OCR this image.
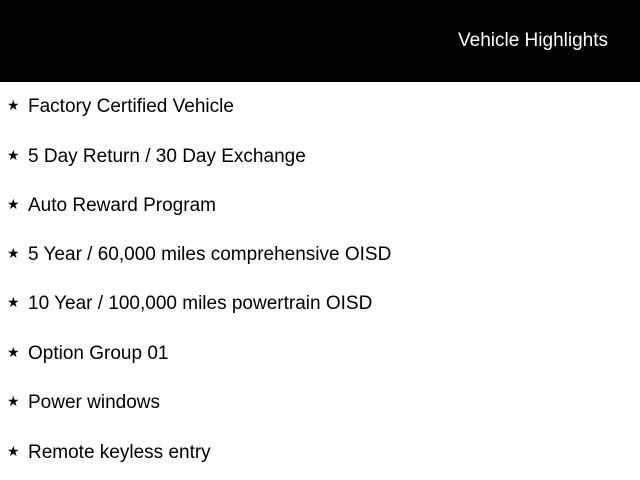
Vehicle Highlights
★ Factory Certified Vehicle
★ 5 Day Return / 30 Day Exchange
★ Auto Reward Program
★ 5 Year / 60,000 miles comprehensive OISD
★ 10 Year / 100,000 miles powertrain OISD
★ Option Group 01
★ Power windows
★ Remote keyless entry
